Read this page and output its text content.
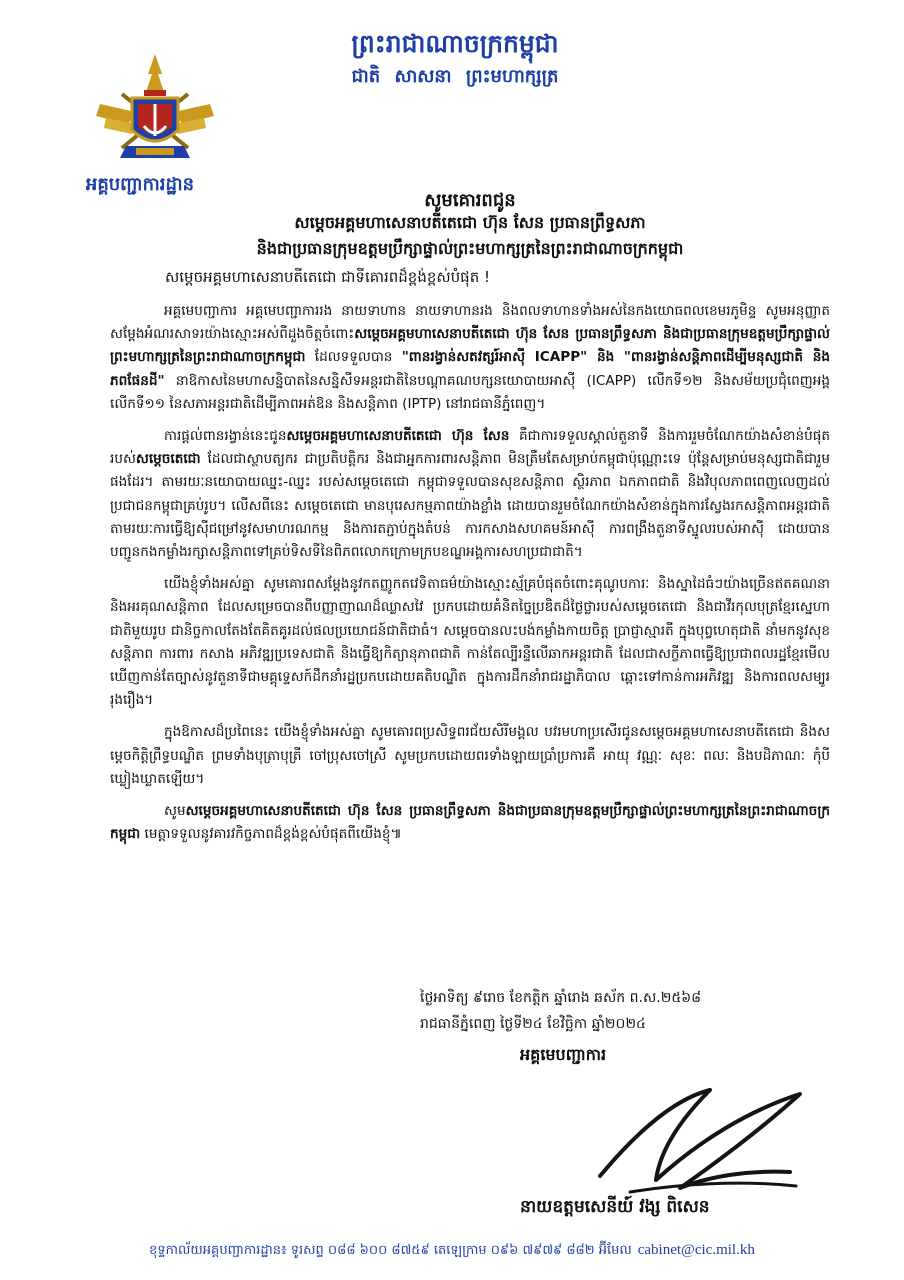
ព្រះរាជាណាចក្រកម្ពុជា
ជាតិ សាសនា ព្រះមហាក្សត្រ
អគ្គបញ្ជាការដ្ឋាន
សូមគោរពជូន
សម្តេចអគ្គមហាសេនាបតីតេជោ ហ៊ុន សែន ប្រធានព្រឹទ្ធសភា
និងជាប្រធានក្រុមឧត្តមប្រឹក្សាផ្ទាល់ព្រះមហាក្សត្រនៃព្រះរាជាណាចក្រកម្ពុជា
សម្តេចអគ្គមហាសេនាបតីតេជោ ជាទីគោរពដ៏ខ្ពង់ខ្ពស់បំផុត !

អគ្គមេបញ្ជាការ អគ្គមេបញ្ជាការរង នាយទាហាន នាយទាហានរង និងពលទាហានទាំងអស់នៃកងយោធពលខេមរភូមិន្ទ សូមអនុញ្ញាតសម្តែងអំណរសាទរយ៉ាងស្មោះអស់ពីដួងចិត្តចំពោះសម្តេចអគ្គមហាសេនាបតីតេជោ ហ៊ុន សែន ប្រធានព្រឹទ្ធសភា និងជាប្រធានក្រុមឧត្តមប្រឹក្សាផ្ទាល់ព្រះមហាក្សត្រនៃព្រះរាជាណាចក្រកម្ពុជា ដែលទទួលបាន "ពានរង្វាន់សតវត្សរ៍អាស៊ី ICAPP" និង "ពានរង្វាន់សន្តិភាពដើម្បីមនុស្សជាតិ និងភពផែនដី" នាឱកាសនៃមហាសន្និបាតនៃសន្និសីទអន្តរជាតិនៃបណ្តាគណបក្សនយោបាយអាស៊ី (ICAPP) លើកទី១២ និងសម័យប្រជុំពេញអង្គលើកទី១១ នៃសភាអន្តរជាតិដើម្បីភាពអត់ឱន និងសន្តិភាព (IPTP) នៅរាជធានីភ្នំពេញ។

ការផ្តល់ពានរង្វាន់នេះជូនសម្តេចអគ្គមហាសេនាបតីតេជោ ហ៊ុន សែន គឺជាការទទួលស្គាល់តួនាទី និងការរួមចំណែកយ៉ាងសំខាន់បំផុតរបស់សម្តេចតេជោ ដែលជាស្ថាបត្យករ ជាប្រតិបត្តិករ និងជាអ្នកការពារសន្តិភាព មិនត្រឹមតែសម្រាប់កម្ពុជាប៉ុណ្ណោះទេ ប៉ុន្តែសម្រាប់មនុស្សជាតិជារួមផងដែរ។ តាមរយៈនយោបាយឈ្នះ-ឈ្នះ របស់សម្តេចតេជោ កម្ពុជាទទួលបានសុខសន្តិភាព ស្ថិរភាព ឯកភាពជាតិ និងវិបុលភាពពេញលេញដល់ប្រជាជនកម្ពុជាគ្រប់រូប។ លើសពីនេះ សម្តេចតេជោ មានបុរេសកម្មភាពយ៉ាងខ្លាំង ដោយបានរួមចំណែកយ៉ាងសំខាន់ក្នុងការស្វែងរកសន្តិភាពអន្តរជាតិ តាមរយៈការធ្វើឱ្យស៊ីជម្រៅនូវសមាហរណកម្ម និងការតភ្ជាប់ក្នុងតំបន់ ការកសាងសហគមន៍អាស៊ី ការពង្រឹងតួនាទីស្នូលរបស់អាស៊ី ដោយបានបញ្ជូនកងកម្លាំងរក្សាសន្តិភាពទៅគ្រប់ទិសទីនៃពិភពលោកក្រោមក្របខណ្ឌអង្គការសហប្រជាជាតិ។

យើងខ្ញុំទាំងអស់គ្នា សូមគោរពសម្តែងនូវកតញ្ញូកតវេទិតាធម៌យ៉ាងស្មោះស្ម័គ្របំផុតចំពោះគុណូបការៈ និងស្នាដៃធំៗយ៉ាងច្រើនឥតគណនា និងអរគុណសន្តិភាព ដែលសម្រេចបានពីបញ្ញាញាណដ៏ឈ្លាសវៃ ប្រកបដោយគំនិតច្នៃប្រឌិតដ៏ថ្លៃថ្លារបស់សម្តេចតេជោ និងជាវីរកុលបុត្រខ្មែរស្នេហាជាតិមួយរូប ជានិច្ចកាលតែងតែគិតគូរដល់ផលប្រយោជន៍ជាតិជាធំ។ សម្តេចបានលះបង់កម្លាំងកាយចិត្ត ប្រាជ្ញាស្មារតី ក្នុងបុព្វហេតុជាតិ នាំមកនូវសុខសន្តិភាព ការពារ កសាង អភិវឌ្ឍប្រទេសជាតិ និងធ្វើឱ្យកិត្យានុភាពជាតិ កាន់តែល្បីរន្ទឺលើឆាកអន្តរជាតិ ដែលជាសក្ខីភាពធ្វើឱ្យប្រជាពលរដ្ឋខ្មែរមើលឃើញកាន់តែច្បាស់នូវតួនាទីជាមគ្គុទ្ទេសក៍ដឹកនាំរដ្ឋប្រកបដោយគតិបណ្ឌិត ក្នុងការដឹកនាំរាជរដ្ឋាភិបាល ឆ្ពោះទៅកាន់ការអភិវឌ្ឍ និងការពលសម្បូររុងរឿង។

ក្នុងឱកាសដ៏ប្រពៃនេះ យើងខ្ញុំទាំងអស់គ្នា សូមគោរពប្រសិទ្ធពរជ័យសិរីមង្គល បវរមហាប្រសើរជូនសម្តេចអគ្គមហាសេនាបតីតេជោ និងសម្តេចកិត្តិព្រឹទ្ធបណ្ឌិត ព្រមទាំងបុត្រាបុត្រី ចៅប្រុសចៅស្រី សូមប្រកបដោយពរទាំងឡាយប្រាំប្រការគឺ អាយុ វណ្ណៈ សុខៈ ពលៈ និងបដិភាណៈ កុំបីឃ្លៀងឃ្លាតឡើយ។

សូមសម្តេចអគ្គមហាសេនាបតីតេជោ ហ៊ុន សែន ប្រធានព្រឹទ្ធសភា និងជាប្រធានក្រុមឧត្តមប្រឹក្សាផ្ទាល់ព្រះមហាក្សត្រនៃព្រះរាជាណាចក្រកម្ពុជា មេត្តាទទួលនូវគារវកិច្ចភាពដ៏ខ្ពង់ខ្ពស់បំផុតពីយើងខ្ញុំ៕

ថ្ងៃអាទិត្យ ៩រោច ខែកត្តិក ឆ្នាំរោង ឆស័ក ព.ស.២៥៦៨
រាជធានីភ្នំពេញ ថ្ងៃទី២៤ ខែវិច្ឆិកា ឆ្នាំ២០២៤
អគ្គមេបញ្ជាការ
នាយឧត្តមសេនីយ៍ វង្ស ពិសេន
ខុទ្ទកាល័យអគ្គបញ្ជាការដ្ឋាន៖ ទូរសព្ទ ០៨៨ ៦០០ ៨៧៥៩ តេឡេក្រាម ០៩៦ ៧៩៧៩ ៨៨២ អ៊ីមែល cabinet@cic.mil.kh
